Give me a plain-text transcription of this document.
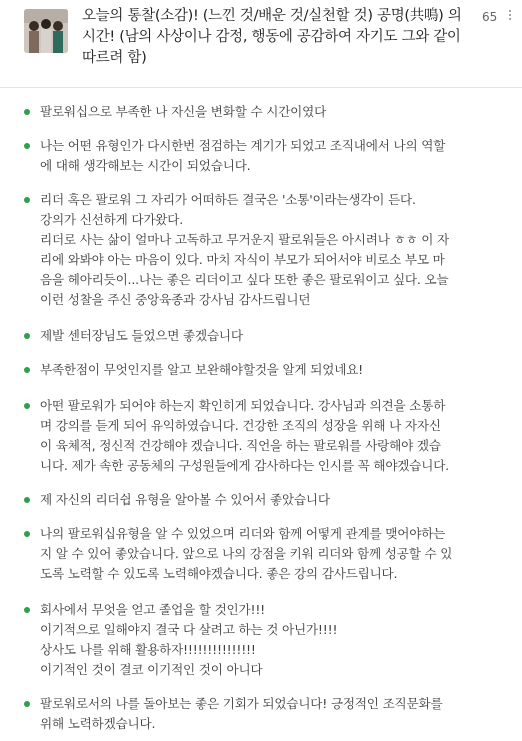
오늘의 통찰(소감)! (느낀 것/배운 것/실천할 것) 공명(共鳴) 의 시간! (남의 사상이나 감정, 행동에 공감하여 자기도 그와 같이 따르려 함)
65
팔로워십으로 부족한 나 자신을 변화할 수 시간이였다
나는 어떤 유형인가 다시한번 점검하는 계기가 되었고 조직내에서 나의 역할
에 대해 생각해보는 시간이 되었습니다.
리더 혹은 팔로워 그 자리가 어떠하든 결국은 '소통'이라는생각이 든다.
강의가 신선하게 다가왔다.
리더로 사는 삶이 얼마나 고독하고 무거운지 팔로워들은 아시려나 ㅎㅎ 이 자
리에 와봐야 아는 마음이 있다. 마치 자식이 부모가 되어서야 비로소 부모 마
음을 헤아리듯이...나는 좋은 리더이고 싶다 또한 좋은 팔로워이고 싶다. 오늘
이런 성찰을 주신 중앙육종과 강사님 감사드립니던
제발 센터장님도 들었으면 좋겠습니다
부족한점이 무엇인지를 알고 보완해야할것을 알게 되었네요!
아떤 팔로워가 되어야 하는지 확인히게 되었습니다. 강사님과 의견을 소통하
며 강의를 듣게 되어 유익하였습니다. 건강한 조직의 성장을 위해 나 자자신
이 육체적, 정신적 건강해야 겠습니다. 직언을 하는 팔로워를 사랑해야 겠습
니다. 제가 속한 공동체의 구성원들에게 감사하다는 인시를 꼭 해야겠습니다.
제 자신의 리더쉽 유형을 알아볼 수 있어서 좋았습니다
나의 팔로워십유형을 알 수 있었으며 리더와 함께 어떻게 관계를 맺어야하는
지 알 수 있어 좋았습니다. 앞으로 나의 강점을 키워 리더와 함께 성공할 수 있
도록 노력할 수 있도록 노력해야겠습니다. 좋은 강의 감사드립니다.
회사에서 무엇을 얻고 졸업을 할 것인가!!!
이기적으로 일해야지 결국 다 살려고 하는 것 아닌가!!!!
상사도 나를 위해 활용하자!!!!!!!!!!!!!!!
이기적인 것이 결코 이기적인 것이 아니다
팔로워로서의 나를 돌아보는 좋은 기회가 되었습니다! 긍정적인 조직문화를
위해 노력하겠습니다.
